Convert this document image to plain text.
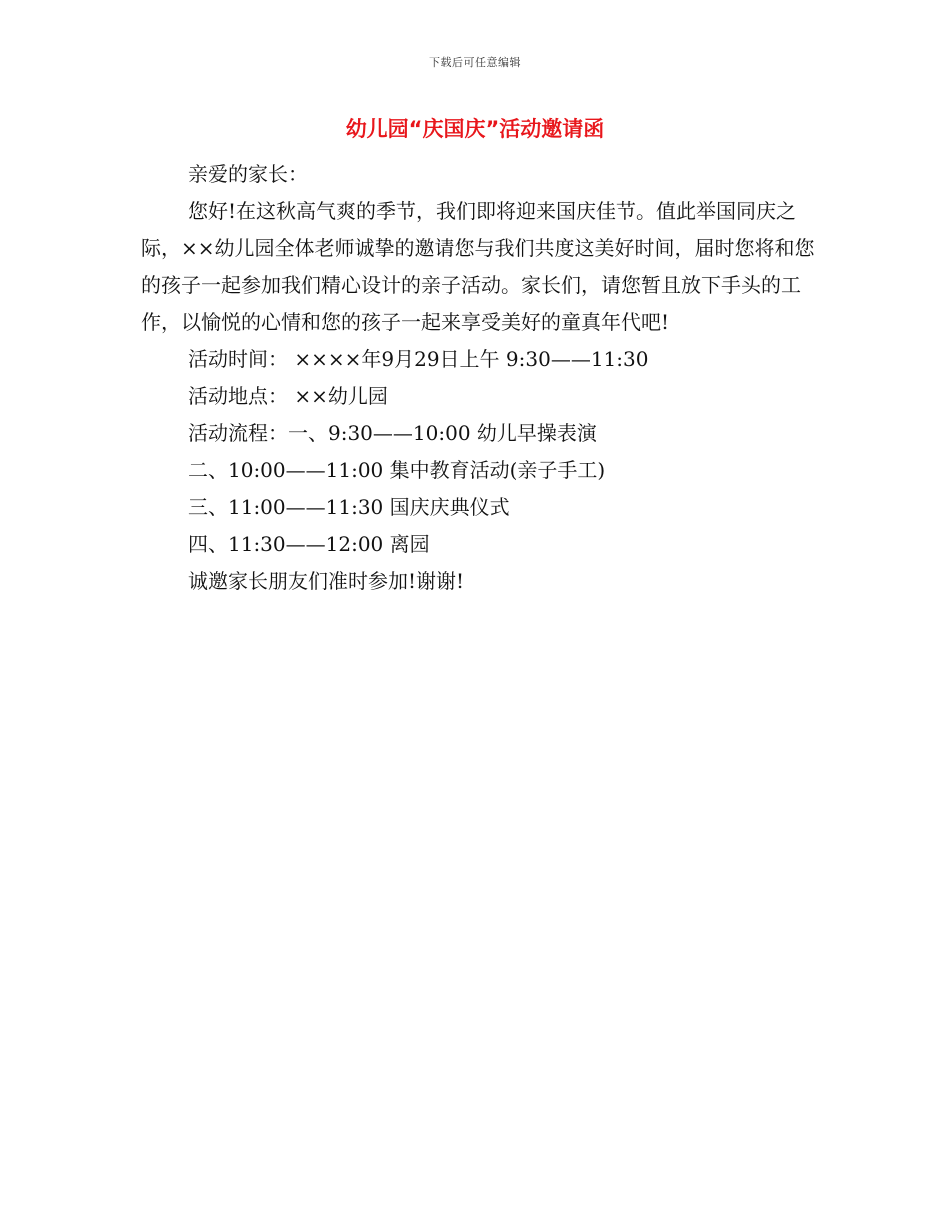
下载后可任意编辑
幼儿园“庆国庆”活动邀请函

亲爱的家长：

您好!在这秋高气爽的季节，我们即将迎来国庆佳节。值此举国同庆之际，××幼儿园全体老师诚挚的邀请您与我们共度这美好时间，届时您将和您的孩子一起参加我们精心设计的亲子活动。家长们，请您暂且放下手头的工作，以愉悦的心情和您的孩子一起来享受美好的童真年代吧!

活动时间： ××××年9月29日上午 9:30——11:30

活动地点： ××幼儿园

活动流程：一、9:30——10:00 幼儿早操表演

二、10:00——11:00 集中教育活动(亲子手工)

三、11:00——11:30 国庆庆典仪式

四、11:30——12:00 离园

诚邀家长朋友们准时参加!谢谢!
